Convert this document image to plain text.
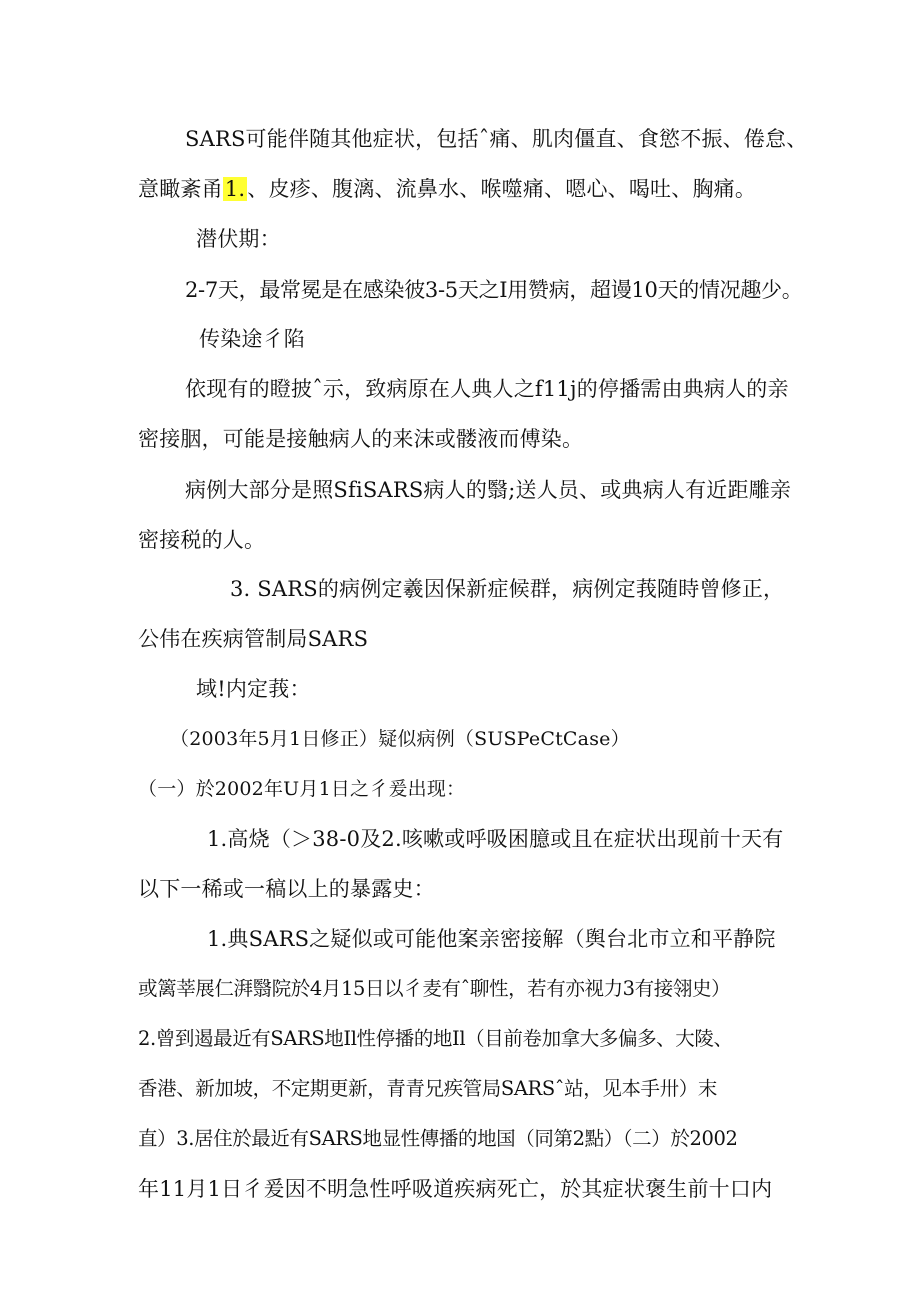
SARS可能伴随其他症状，包括ˆ痛、肌肉僵直、食慾不振、倦怠、
意瞰紊甬1.、皮疹、腹漓、流鼻水、喉噬痛、嗯心、喝吐、胸痛。
潜伏期：
2-7天，最常冕是在感染彼3-5天之I用赞病，超谩10天的情况趣少。
传染途彳陷
依现有的瞪披ˆ示，致病原在人典人之f11j的停播需由典病人的亲
密接胭，可能是接触病人的来沫或髅液而傅染。
病例大部分是照SfiSARS病人的翳;送人员、或典病人有近距雕亲
密接税的人。
3. SARS的病例定羲因保新症候群，病例定莪随時曾修正，
公伟在疾病管制局SARS
域!内定莪：
（2003年5月1日修正）疑似病例（SUSPeCtCase）
（一）於2002年U月1日之彳爰出现：
1.高烧（＞38-0及2.咳嗽或呼吸困臆或且在症状出现前十天有
以下一稀或一稿以上的暴露史：
1.典SARS之疑似或可能他案亲密接解（舆台北市立和平静院
或篱莘展仁湃翳院於4月15日以彳麦有ˆ聊性，若有亦视力3有接翎史）
2.曾到遏最近有SARS地Il性停播的地Il（目前卷加拿大多偏多、大陵、
香港、新加坡，不定期更新，青青兄疾管局SARSˆ站，见本手卅）末
直）3.居住於最近有SARS地显性傳播的地国（同第2點）（二）於2002
年11月1日彳爰因不明急性呼吸道疾病死亡，於其症状褒生前十口内
